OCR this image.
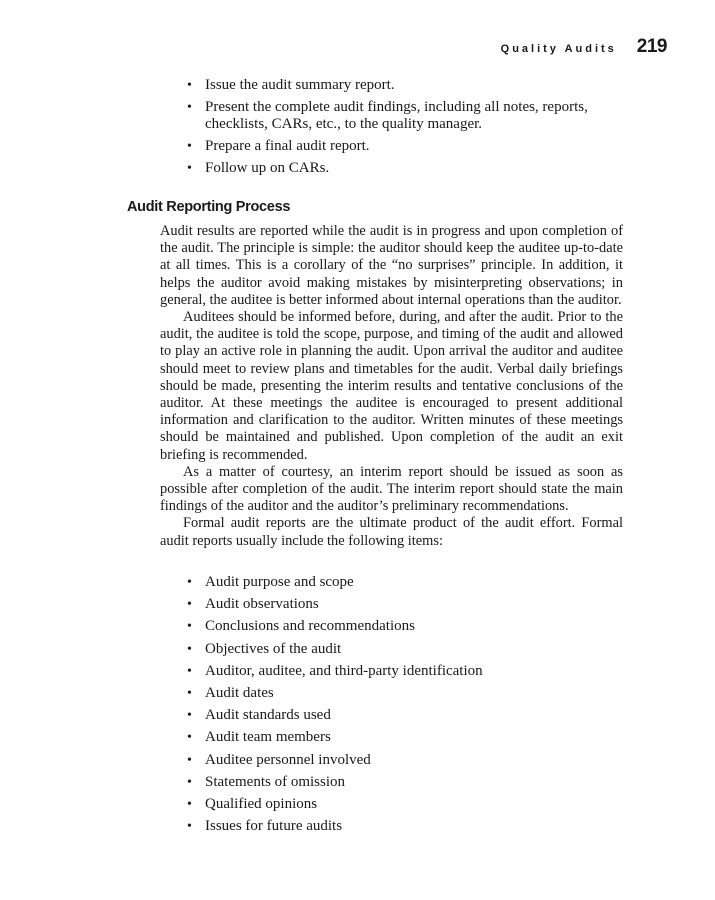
Quality Audits 219
• Issue the audit summary report.
• Present the complete audit findings, including all notes, reports, checklists, CARs, etc., to the quality manager.
• Prepare a final audit report.
• Follow up on CARs.
Audit Reporting Process

Audit results are reported while the audit is in progress and upon completion of the audit. The principle is simple: the auditor should keep the auditee up-to-date at all times. This is a corollary of the “no surprises” principle. In addition, it helps the auditor avoid making mistakes by misinterpreting observations; in general, the auditee is better informed about internal operations than the auditor.

Auditees should be informed before, during, and after the audit. Prior to the audit, the auditee is told the scope, purpose, and timing of the audit and allowed to play an active role in planning the audit. Upon arrival the auditor and auditee should meet to review plans and timetables for the audit. Verbal daily briefings should be made, presenting the interim results and tentative conclusions of the auditor. At these meetings the auditee is encouraged to present additional information and clarification to the auditor. Written minutes of these meetings should be maintained and published. Upon completion of the audit an exit briefing is recommended.

As a matter of courtesy, an interim report should be issued as soon as possible after completion of the audit. The interim report should state the main findings of the auditor and the auditor’s preliminary recommendations.

Formal audit reports are the ultimate product of the audit effort. Formal audit reports usually include the following items:

• Audit purpose and scope
• Audit observations
• Conclusions and recommendations
• Objectives of the audit
• Auditor, auditee, and third-party identification
• Audit dates
• Audit standards used
• Audit team members
• Auditee personnel involved
• Statements of omission
• Qualified opinions
• Issues for future audits
